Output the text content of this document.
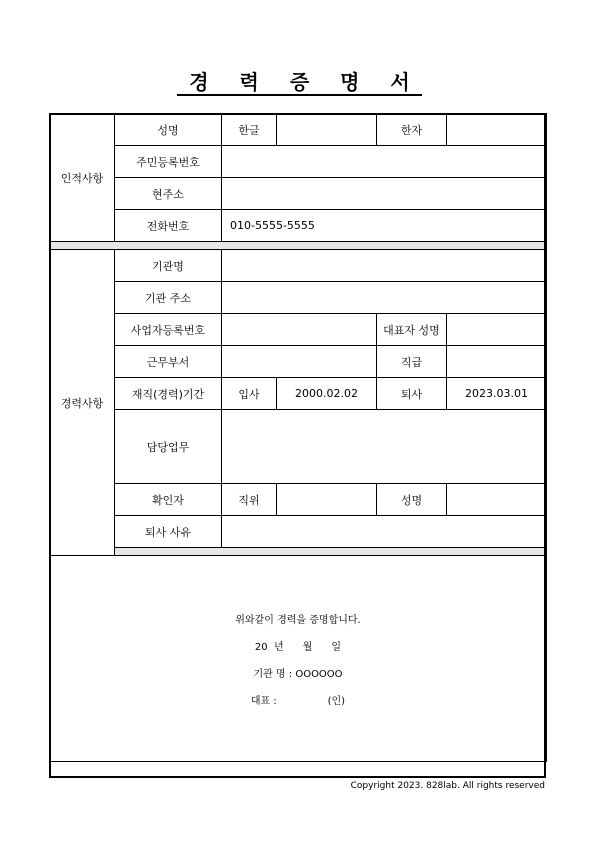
경 력 증 명 서
인적사항	성명	한글		한자	
	주민등록번호				
	현주소				
	전화번호	010-5555-5555			

경력사항	기관명				
	기관 주소				
	사업자등록번호			대표자 성명	
	근무부서			직급	
	재직(경력)기간	입사	2000.02.02	퇴사	2023.03.01
	담당업무				
	확인자	직위		성명	
	퇴사 사유				

위와같이 경력을 증명합니다.
20  년      월      일
기관 명 : OOOOOO
대표 :                (인)					
Copyright 2023. 828lab. All rights reserved
